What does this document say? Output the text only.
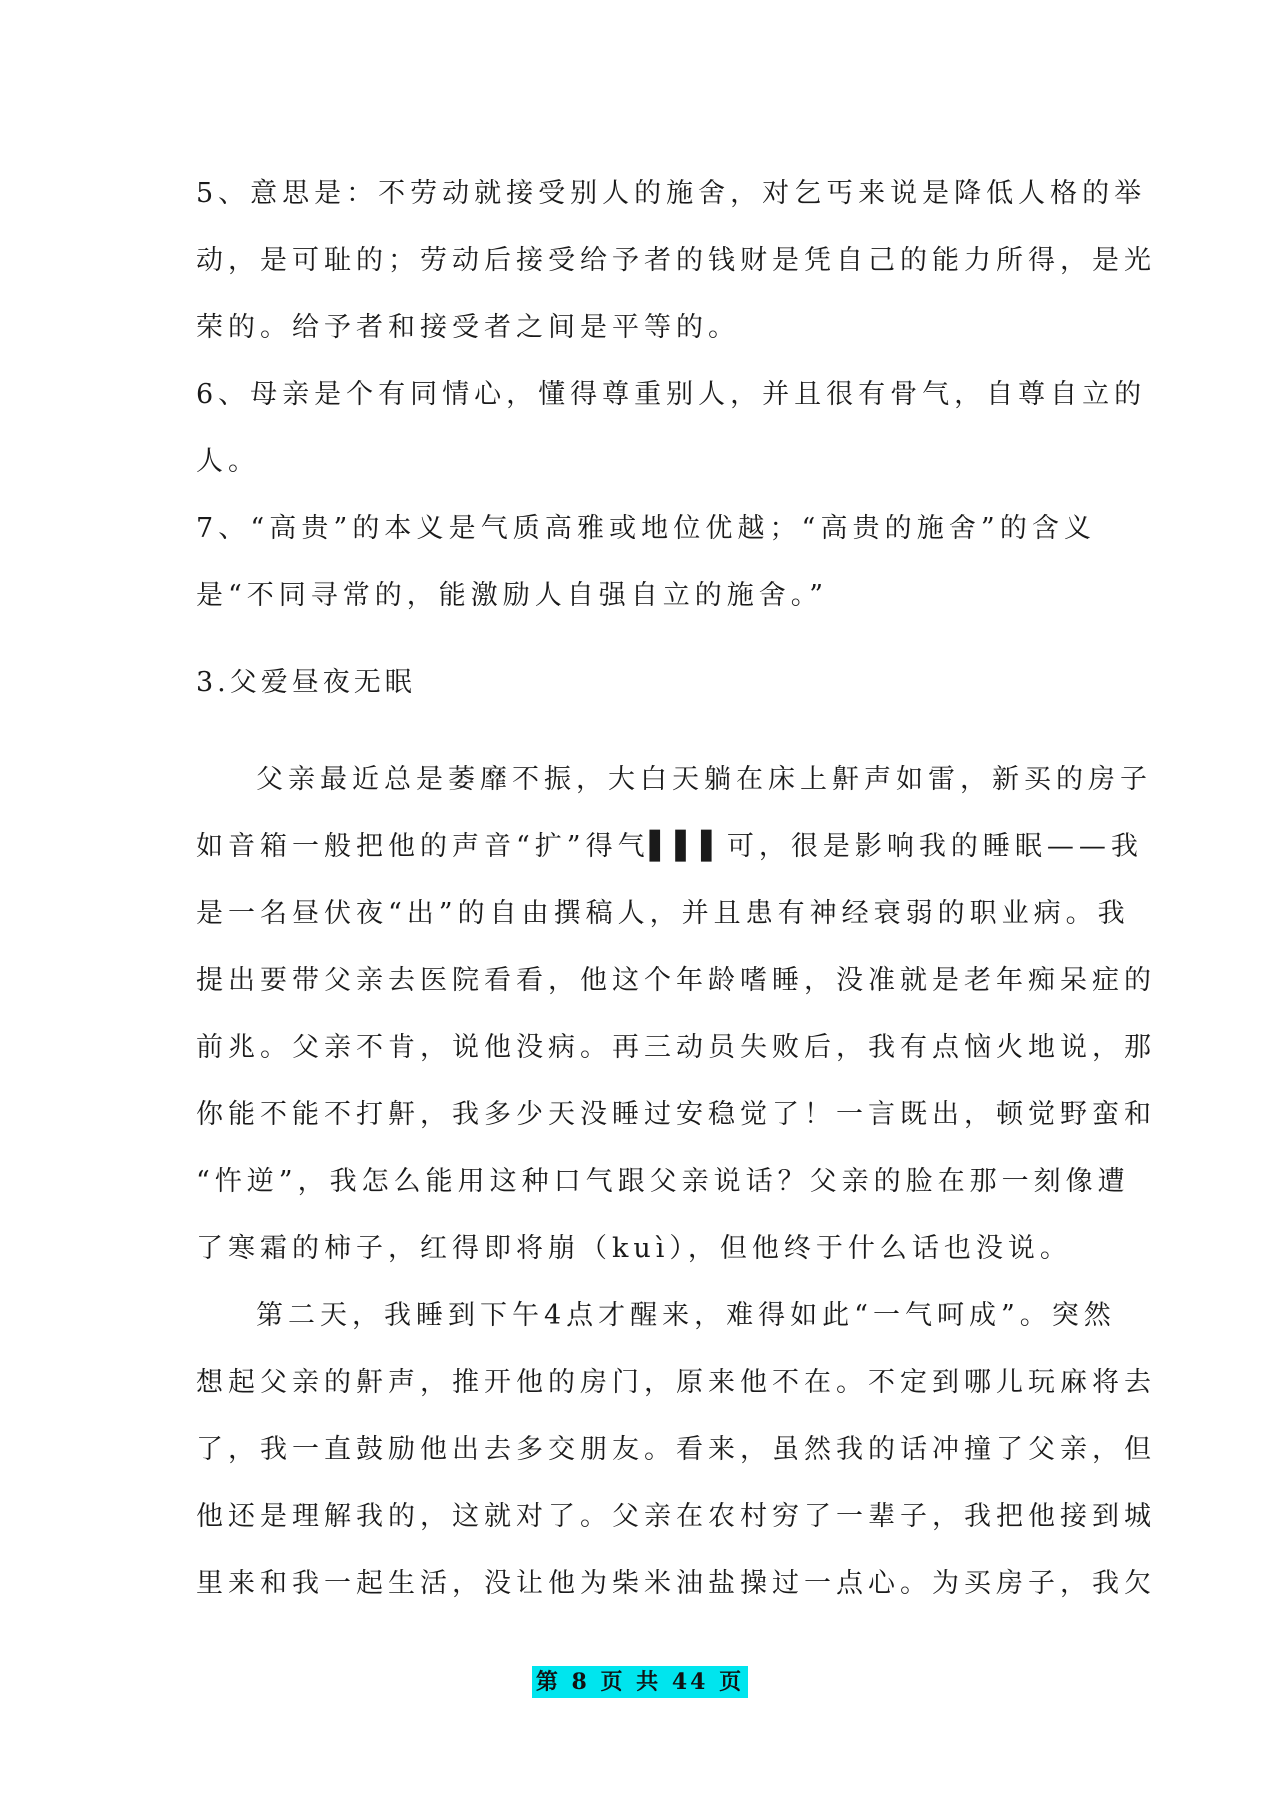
5、意思是：不劳动就接受别人的施舍，对乞丐来说是降低人格的举
动，是可耻的；劳动后接受给予者的钱财是凭自己的能力所得，是光
荣的。给予者和接受者之间是平等的。
6、母亲是个有同情心，懂得尊重别人，并且很有骨气，自尊自立的
人。
7、“高贵”的本义是气质高雅或地位优越；“高贵的施舍”的含义
是“不同寻常的，能激励人自强自立的施舍。”
3.父爱昼夜无眠
父亲最近总是萎靡不振，大白天躺在床上鼾声如雷，新买的房子
如音箱一般把他的声音“扩”得气▌▌▌可，很是影响我的睡眠——我
是一名昼伏夜“出”的自由撰稿人，并且患有神经衰弱的职业病。我
提出要带父亲去医院看看，他这个年龄嗜睡，没准就是老年痴呆症的
前兆。父亲不肯，说他没病。再三动员失败后，我有点恼火地说，那
你能不能不打鼾，我多少天没睡过安稳觉了！一言既出，顿觉野蛮和
“忤逆”，我怎么能用这种口气跟父亲说话？父亲的脸在那一刻像遭
了寒霜的柿子，红得即将崩（kuì），但他终于什么话也没说。
第二天，我睡到下午4点才醒来，难得如此“一气呵成”。突然
想起父亲的鼾声，推开他的房门，原来他不在。不定到哪儿玩麻将去
了，我一直鼓励他出去多交朋友。看来，虽然我的话冲撞了父亲，但
他还是理解我的，这就对了。父亲在农村穷了一辈子，我把他接到城
里来和我一起生活，没让他为柴米油盐操过一点心。为买房子，我欠
第 8 页 共 44 页
